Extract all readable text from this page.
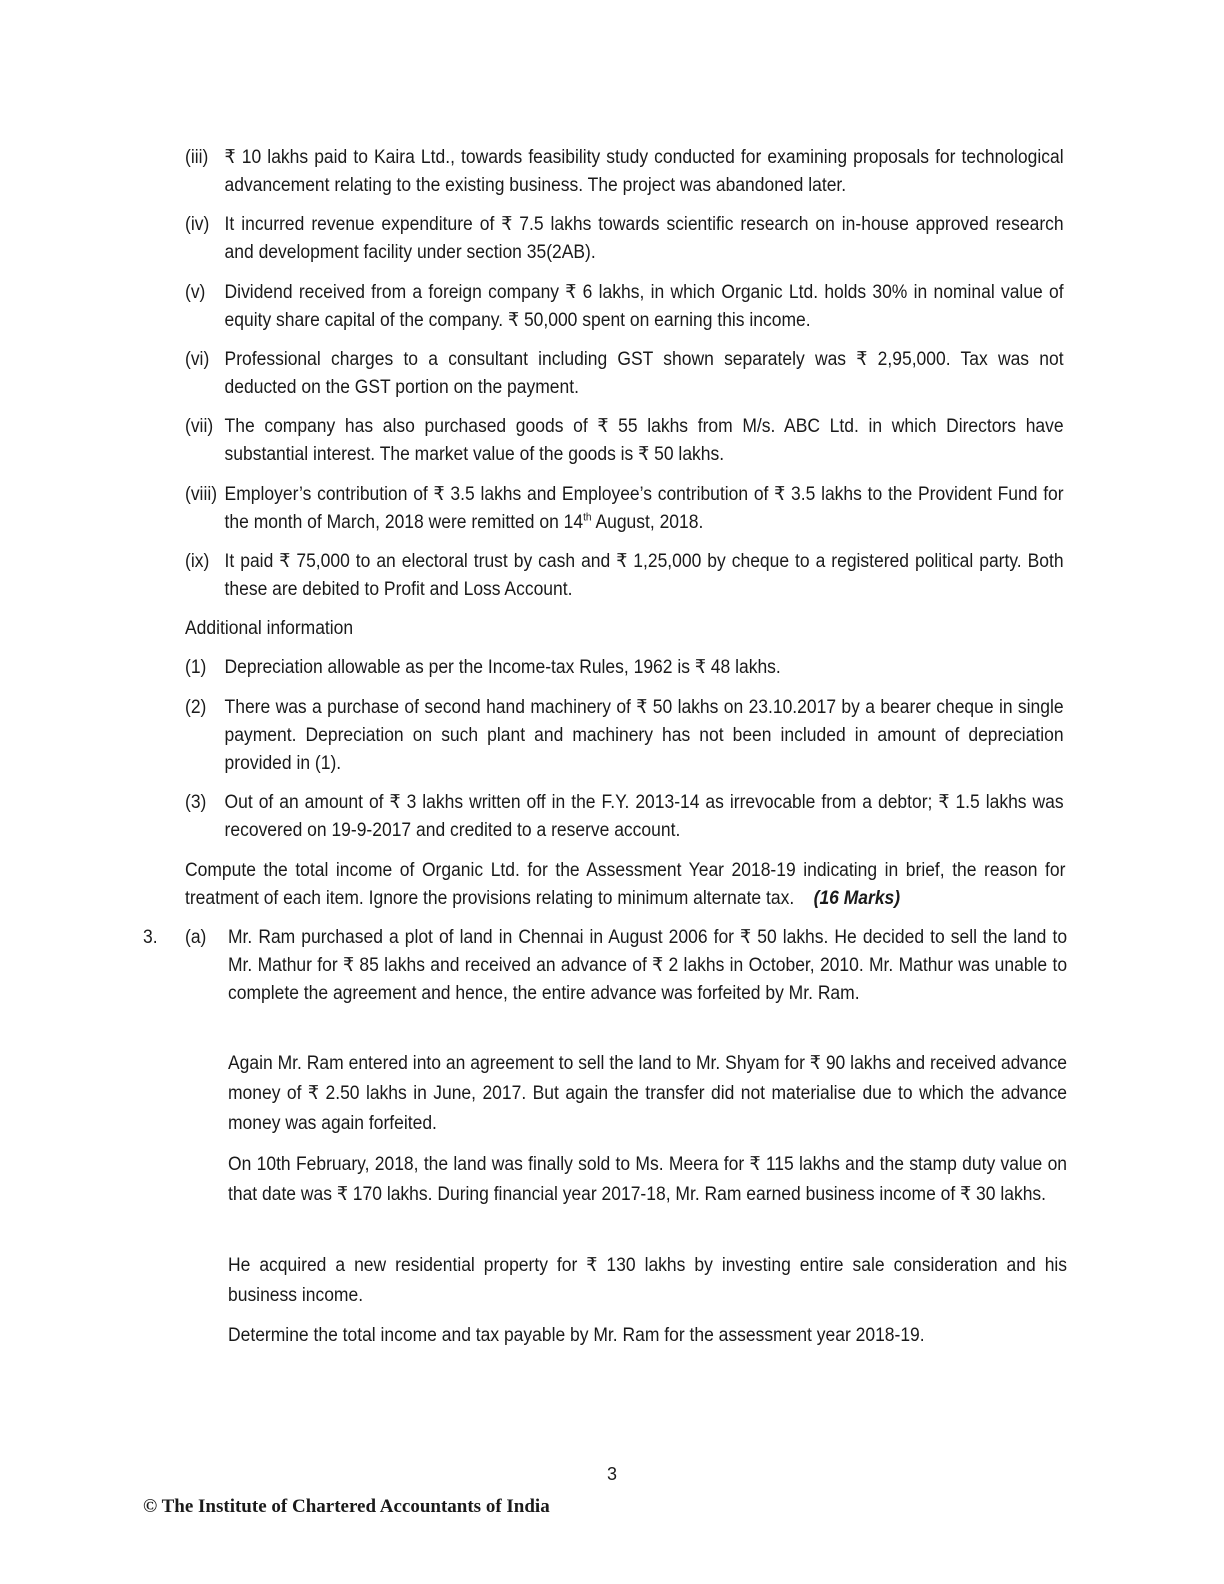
(iii) ₹ 10 lakhs paid to Kaira Ltd., towards feasibility study conducted for examining proposals for technological advancement relating to the existing business. The project was abandoned later.
(iv) It incurred revenue expenditure of ₹ 7.5 lakhs towards scientific research on in-house approved research and development facility under section 35(2AB).
(v) Dividend received from a foreign company ₹ 6 lakhs, in which Organic Ltd. holds 30% in nominal value of equity share capital of the company. ₹ 50,000 spent on earning this income.
(vi) Professional charges to a consultant including GST shown separately was ₹ 2,95,000. Tax was not deducted on the GST portion on the payment.
(vii) The company has also purchased goods of ₹ 55 lakhs from M/s. ABC Ltd. in which Directors have substantial interest. The market value of the goods is ₹ 50 lakhs.
(viii) Employer’s contribution of ₹ 3.5 lakhs and Employee’s contribution of ₹ 3.5 lakhs to the Provident Fund for the month of March, 2018 were remitted on 14th August, 2018.
(ix) It paid ₹ 75,000 to an electoral trust by cash and ₹ 1,25,000 by cheque to a registered political party. Both these are debited to Profit and Loss Account.
Additional information
(1) Depreciation allowable as per the Income-tax Rules, 1962 is ₹ 48 lakhs.
(2) There was a purchase of second hand machinery of ₹ 50 lakhs on 23.10.2017 by a bearer cheque in single payment. Depreciation on such plant and machinery has not been included in amount of depreciation provided in (1).
(3) Out of an amount of ₹ 3 lakhs written off in the F.Y. 2013-14 as irrevocable from a debtor; ₹ 1.5 lakhs was recovered on 19-9-2017 and credited to a reserve account.
Compute the total income of Organic Ltd. for the Assessment Year 2018-19 indicating in brief, the reason for treatment of each item. Ignore the provisions relating to minimum alternate tax. (16 Marks)
3. (a) Mr. Ram purchased a plot of land in Chennai in August 2006 for ₹ 50 lakhs. He decided to sell the land to Mr. Mathur for ₹ 85 lakhs and received an advance of ₹ 2 lakhs in October, 2010. Mr. Mathur was unable to complete the agreement and hence, the entire advance was forfeited by Mr. Ram.
Again Mr. Ram entered into an agreement to sell the land to Mr. Shyam for ₹ 90 lakhs and received advance money of ₹ 2.50 lakhs in June, 2017. But again the transfer did not materialise due to which the advance money was again forfeited.
On 10th February, 2018, the land was finally sold to Ms. Meera for ₹ 115 lakhs and the stamp duty value on that date was ₹ 170 lakhs. During financial year 2017-18, Mr. Ram earned business income of ₹ 30 lakhs.
He acquired a new residential property for ₹ 130 lakhs by investing entire sale consideration and his business income.
Determine the total income and tax payable by Mr. Ram for the assessment year 2018-19.
3
© The Institute of Chartered Accountants of India
